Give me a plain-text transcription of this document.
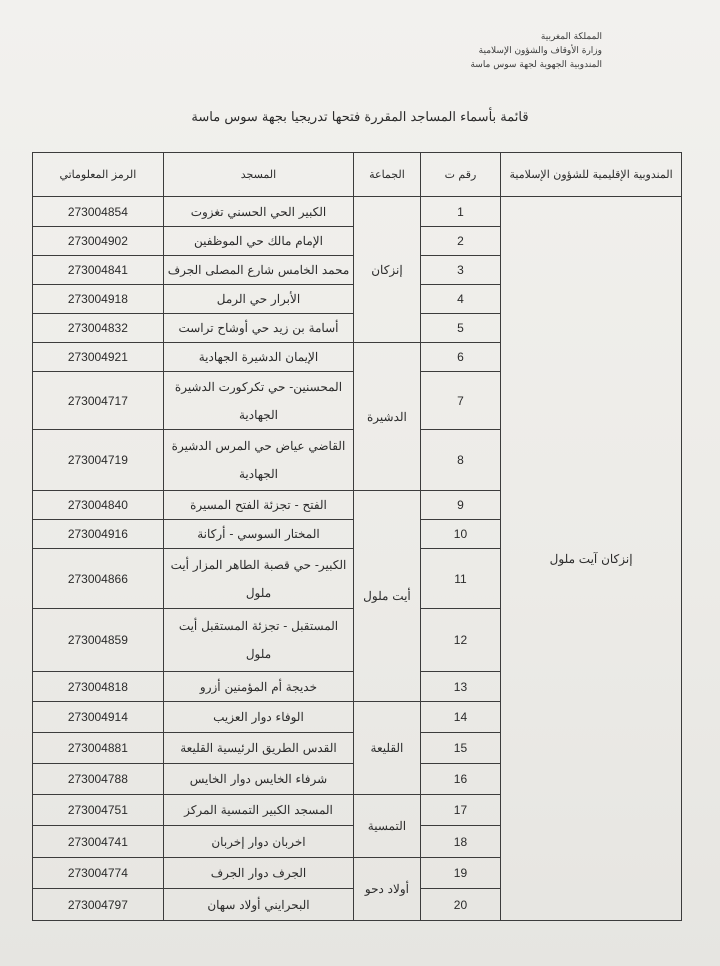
المملكة المغربية
وزارة الأوقاف والشؤون الإسلامية
المندوبية الجهوية لجهة سوس ماسة
قائمة بأسماء المساجد المقررة فتحها تدريجيا بجهة سوس ماسة
المندوبية الإقليمية للشؤون الإسلامية	رقم ت	الجماعة	المسجد	الرمز المعلوماتي
إنزكان آيت ملول	1	إنزكان	الكبير الحي الحسني تغزوت	273004854
	2		الإمام مالك حي الموظفين	273004902
	3		محمد الخامس شارع المصلى الجرف	273004841
	4		الأبرار حي الرمل	273004918
	5		أسامة بن زيد حي أوشاح تراست	273004832
	6	الدشيرة	الإيمان الدشيرة الجهادية	273004921
	7		المحسنين- حي تكركورت الدشيرة الجهادية	273004717
	8		القاضي عياض حي المرس الدشيرة الجهادية	273004719
	9	أيت ملول	الفتح - تجزئة الفتح المسيرة	273004840
	10		المختار السوسي - أركانة	273004916
	11		الكبير- حي قصبة الطاهر المزار أيت ملول	273004866
	12		المستقبل - تجزئة المستقبل أيت ملول	273004859
	13		خديجة أم المؤمنين أزرو	273004818
	14	القليعة	الوفاء دوار العزيب	273004914
	15		القدس الطريق الرئيسية القليعة	273004881
	16		شرفاء الخايس دوار الخايس	273004788
	17	التمسية	المسجد الكبير التمسية المركز	273004751
	18		اخربان دوار إخربان	273004741
	19	أولاد دحو	الجرف دوار الجرف	273004774
	20		البحرايني أولاد سهان	273004797
